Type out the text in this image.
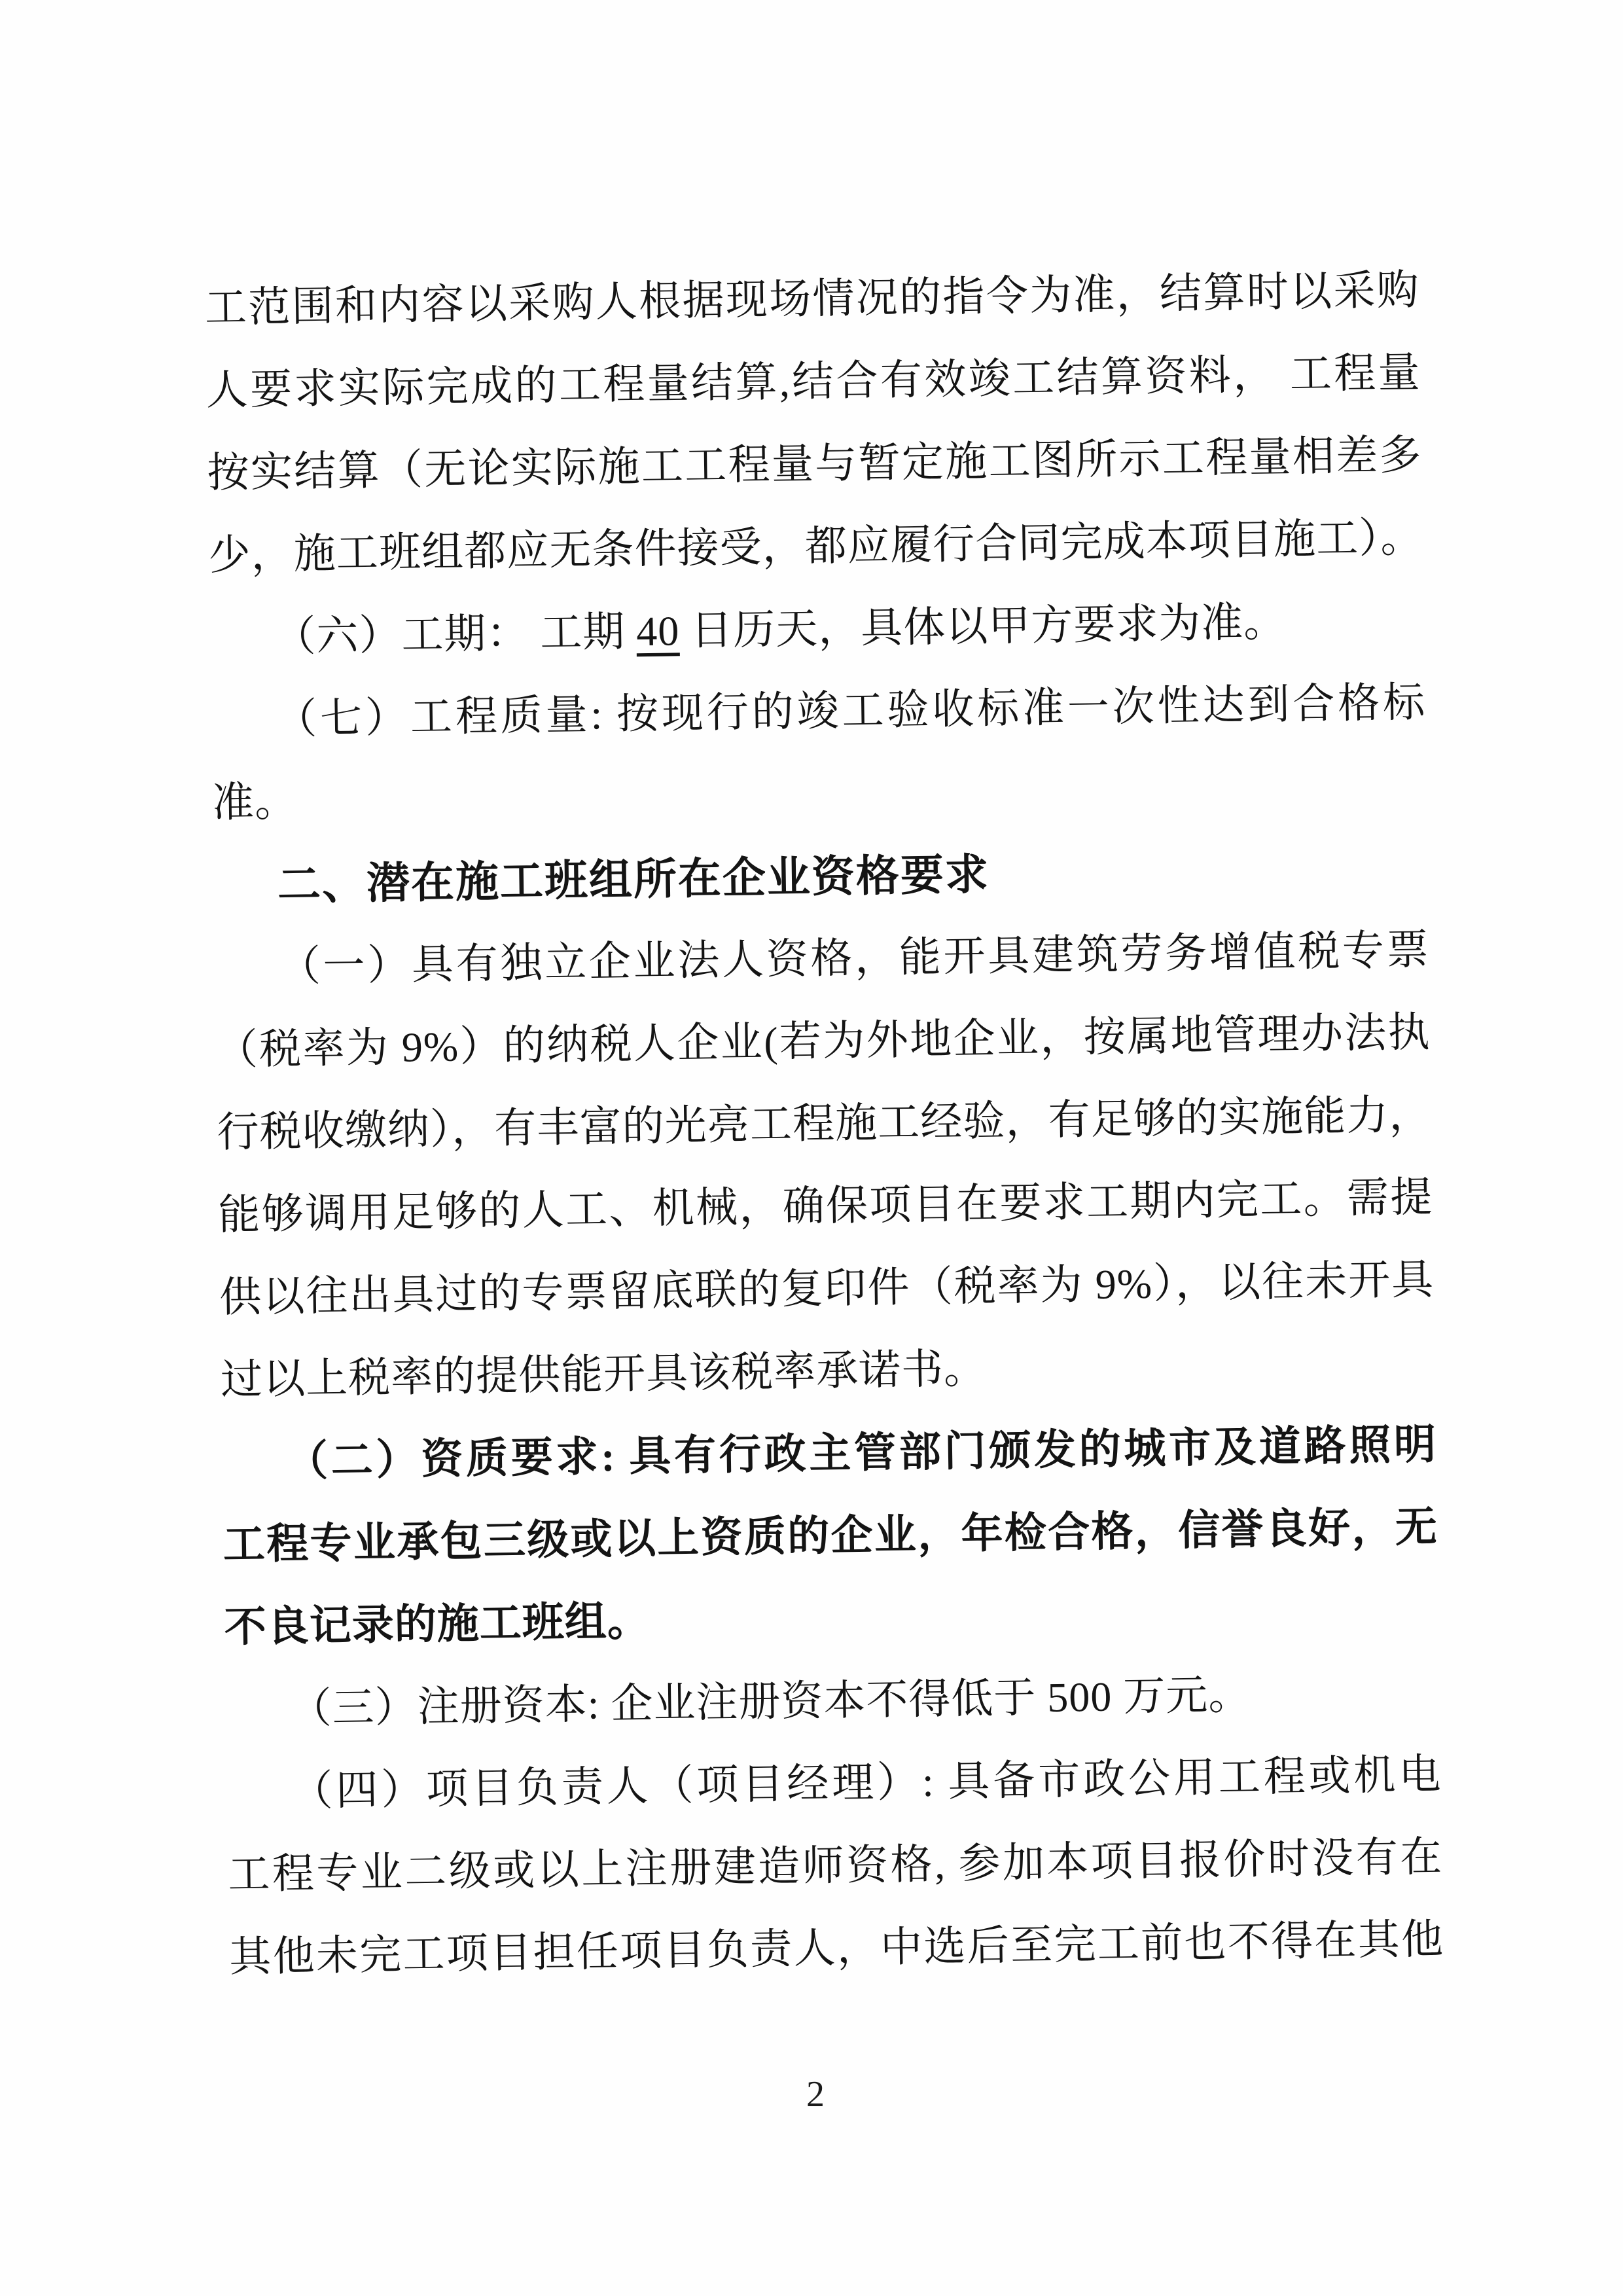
工范围和内容以采购人根据现场情况的指令为准，结算时以采购
人要求实际完成的工程量结算,结合有效竣工结算资料， 工程量
按实结算（无论实际施工工程量与暂定施工图所示工程量相差多
少，施工班组都应无条件接受，都应履行合同完成本项目施工）。
（六）工期： 工期 40 日历天，具体以甲方要求为准。
（七）工程质量: 按现行的竣工验收标准一次性达到合格标
准。
二、潜在施工班组所在企业资格要求
（一）具有独立企业法人资格，能开具建筑劳务增值税专票
（税率为 9%）的纳税人企业(若为外地企业，按属地管理办法执
行税收缴纳），有丰富的光亮工程施工经验，有足够的实施能力，
能够调用足够的人工、机械，确保项目在要求工期内完工。需提
供以往出具过的专票留底联的复印件（税率为 9%），以往未开具
过以上税率的提供能开具该税率承诺书。
（二）资质要求: 具有行政主管部门颁发的城市及道路照明
工程专业承包三级或以上资质的企业，年检合格，信誉良好，无
不良记录的施工班组。
（三）注册资本: 企业注册资本不得低于 500 万元。
（四）项目负责人（项目经理）: 具备市政公用工程或机电
工程专业二级或以上注册建造师资格, 参加本项目报价时没有在
其他未完工项目担任项目负责人，中选后至完工前也不得在其他
2
